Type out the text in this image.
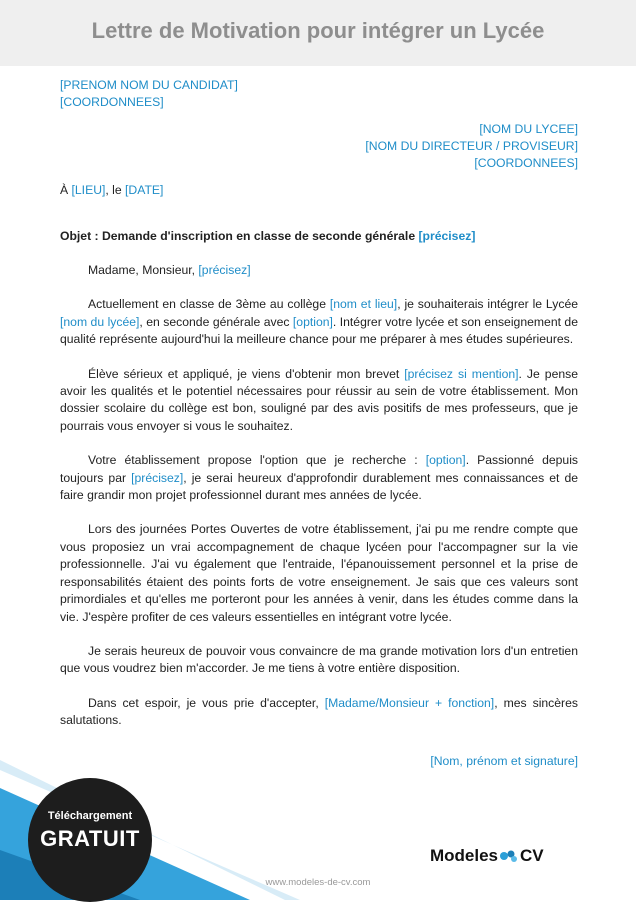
Lettre de Motivation pour intégrer un Lycée
[PRENOM NOM DU CANDIDAT]
[COORDONNEES]
[NOM DU LYCEE]
[NOM DU DIRECTEUR / PROVISEUR]
[COORDONNEES]
À [LIEU], le [DATE]
Objet : Demande d'inscription en classe de seconde générale [précisez]

Madame, Monsieur, [précisez]

Actuellement en classe de 3ème au collège [nom et lieu], je souhaiterais intégrer le Lycée [nom du lycée], en seconde générale avec [option]. Intégrer votre lycée et son enseignement de qualité représente aujourd'hui la meilleure chance pour me préparer à mes études supérieures.

Élève sérieux et appliqué, je viens d'obtenir mon brevet [précisez si mention]. Je pense avoir les qualités et le potentiel nécessaires pour réussir au sein de votre établissement. Mon dossier scolaire du collège est bon, souligné par des avis positifs de mes professeurs, que je pourrais vous envoyer si vous le souhaitez.

Votre établissement propose l'option que je recherche : [option]. Passionné depuis toujours par [précisez], je serai heureux d'approfondir durablement mes connaissances et de faire grandir mon projet professionnel durant mes années de lycée.

Lors des journées Portes Ouvertes de votre établissement, j'ai pu me rendre compte que vous proposiez un vrai accompagnement de chaque lycéen pour l'accompagner sur la vie professionnelle. J'ai vu également que l'entraide, l'épanouissement personnel et la prise de responsabilités étaient des points forts de votre enseignement. Je sais que ces valeurs sont primordiales et qu'elles me porteront pour les années à venir, dans les études comme dans la vie. J'espère profiter de ces valeurs essentielles en intégrant votre lycée.

Je serais heureux de pouvoir vous convaincre de ma grande motivation lors d'un entretien que vous voudrez bien m'accorder. Je me tiens à votre entière disposition.

Dans cet espoir, je vous prie d'accepter, [Madame/Monsieur + fonction], mes sincères salutations.

[Nom, prénom et signature]
Téléchargement
GRATUIT
Modeles CV
www.modeles-de-cv.com
